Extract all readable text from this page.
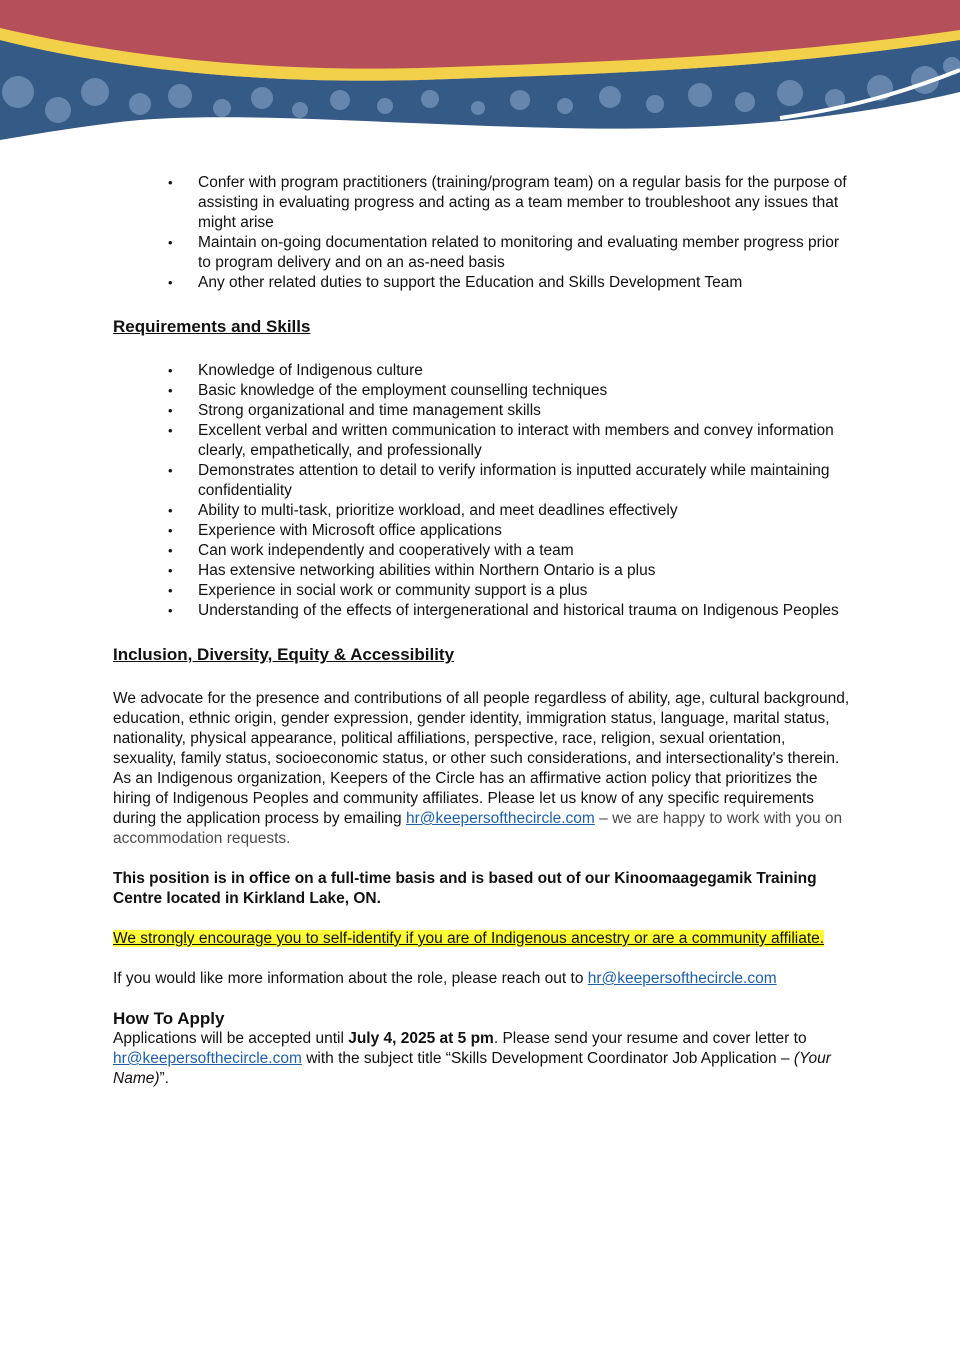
• Confer with program practitioners (training/program team) on a regular basis for the purpose of assisting in evaluating progress and acting as a team member to troubleshoot any issues that might arise
• Maintain on-going documentation related to monitoring and evaluating member progress prior to program delivery and on an as-need basis
• Any other related duties to support the Education and Skills Development Team
Requirements and Skills
• Knowledge of Indigenous culture
• Basic knowledge of the employment counselling techniques
• Strong organizational and time management skills
• Excellent verbal and written communication to interact with members and convey information clearly, empathetically, and professionally
• Demonstrates attention to detail to verify information is inputted accurately while maintaining confidentiality
• Ability to multi-task, prioritize workload, and meet deadlines effectively
• Experience with Microsoft office applications
• Can work independently and cooperatively with a team
• Has extensive networking abilities within Northern Ontario is a plus
• Experience in social work or community support is a plus
• Understanding of the effects of intergenerational and historical trauma on Indigenous Peoples
Inclusion, Diversity, Equity & Accessibility

We advocate for the presence and contributions of all people regardless of ability, age, cultural background, education, ethnic origin, gender expression, gender identity, immigration status, language, marital status, nationality, physical appearance, political affiliations, perspective, race, religion, sexual orientation, sexuality, family status, socioeconomic status, or other such considerations, and intersectionality's therein. As an Indigenous organization, Keepers of the Circle has an affirmative action policy that prioritizes the hiring of Indigenous Peoples and community affiliates. Please let us know of any specific requirements during the application process by emailing hr@keepersofthecircle.com – we are happy to work with you on accommodation requests.

This position is in office on a full-time basis and is based out of our Kinoomaagegamik Training Centre located in Kirkland Lake, ON.

We strongly encourage you to self-identify if you are of Indigenous ancestry or are a community affiliate.

If you would like more information about the role, please reach out to hr@keepersofthecircle.com

How To Apply

Applications will be accepted until July 4, 2025 at 5 pm. Please send your resume and cover letter to hr@keepersofthecircle.com with the subject title “Skills Development Coordinator Job Application – (Your Name)”.
